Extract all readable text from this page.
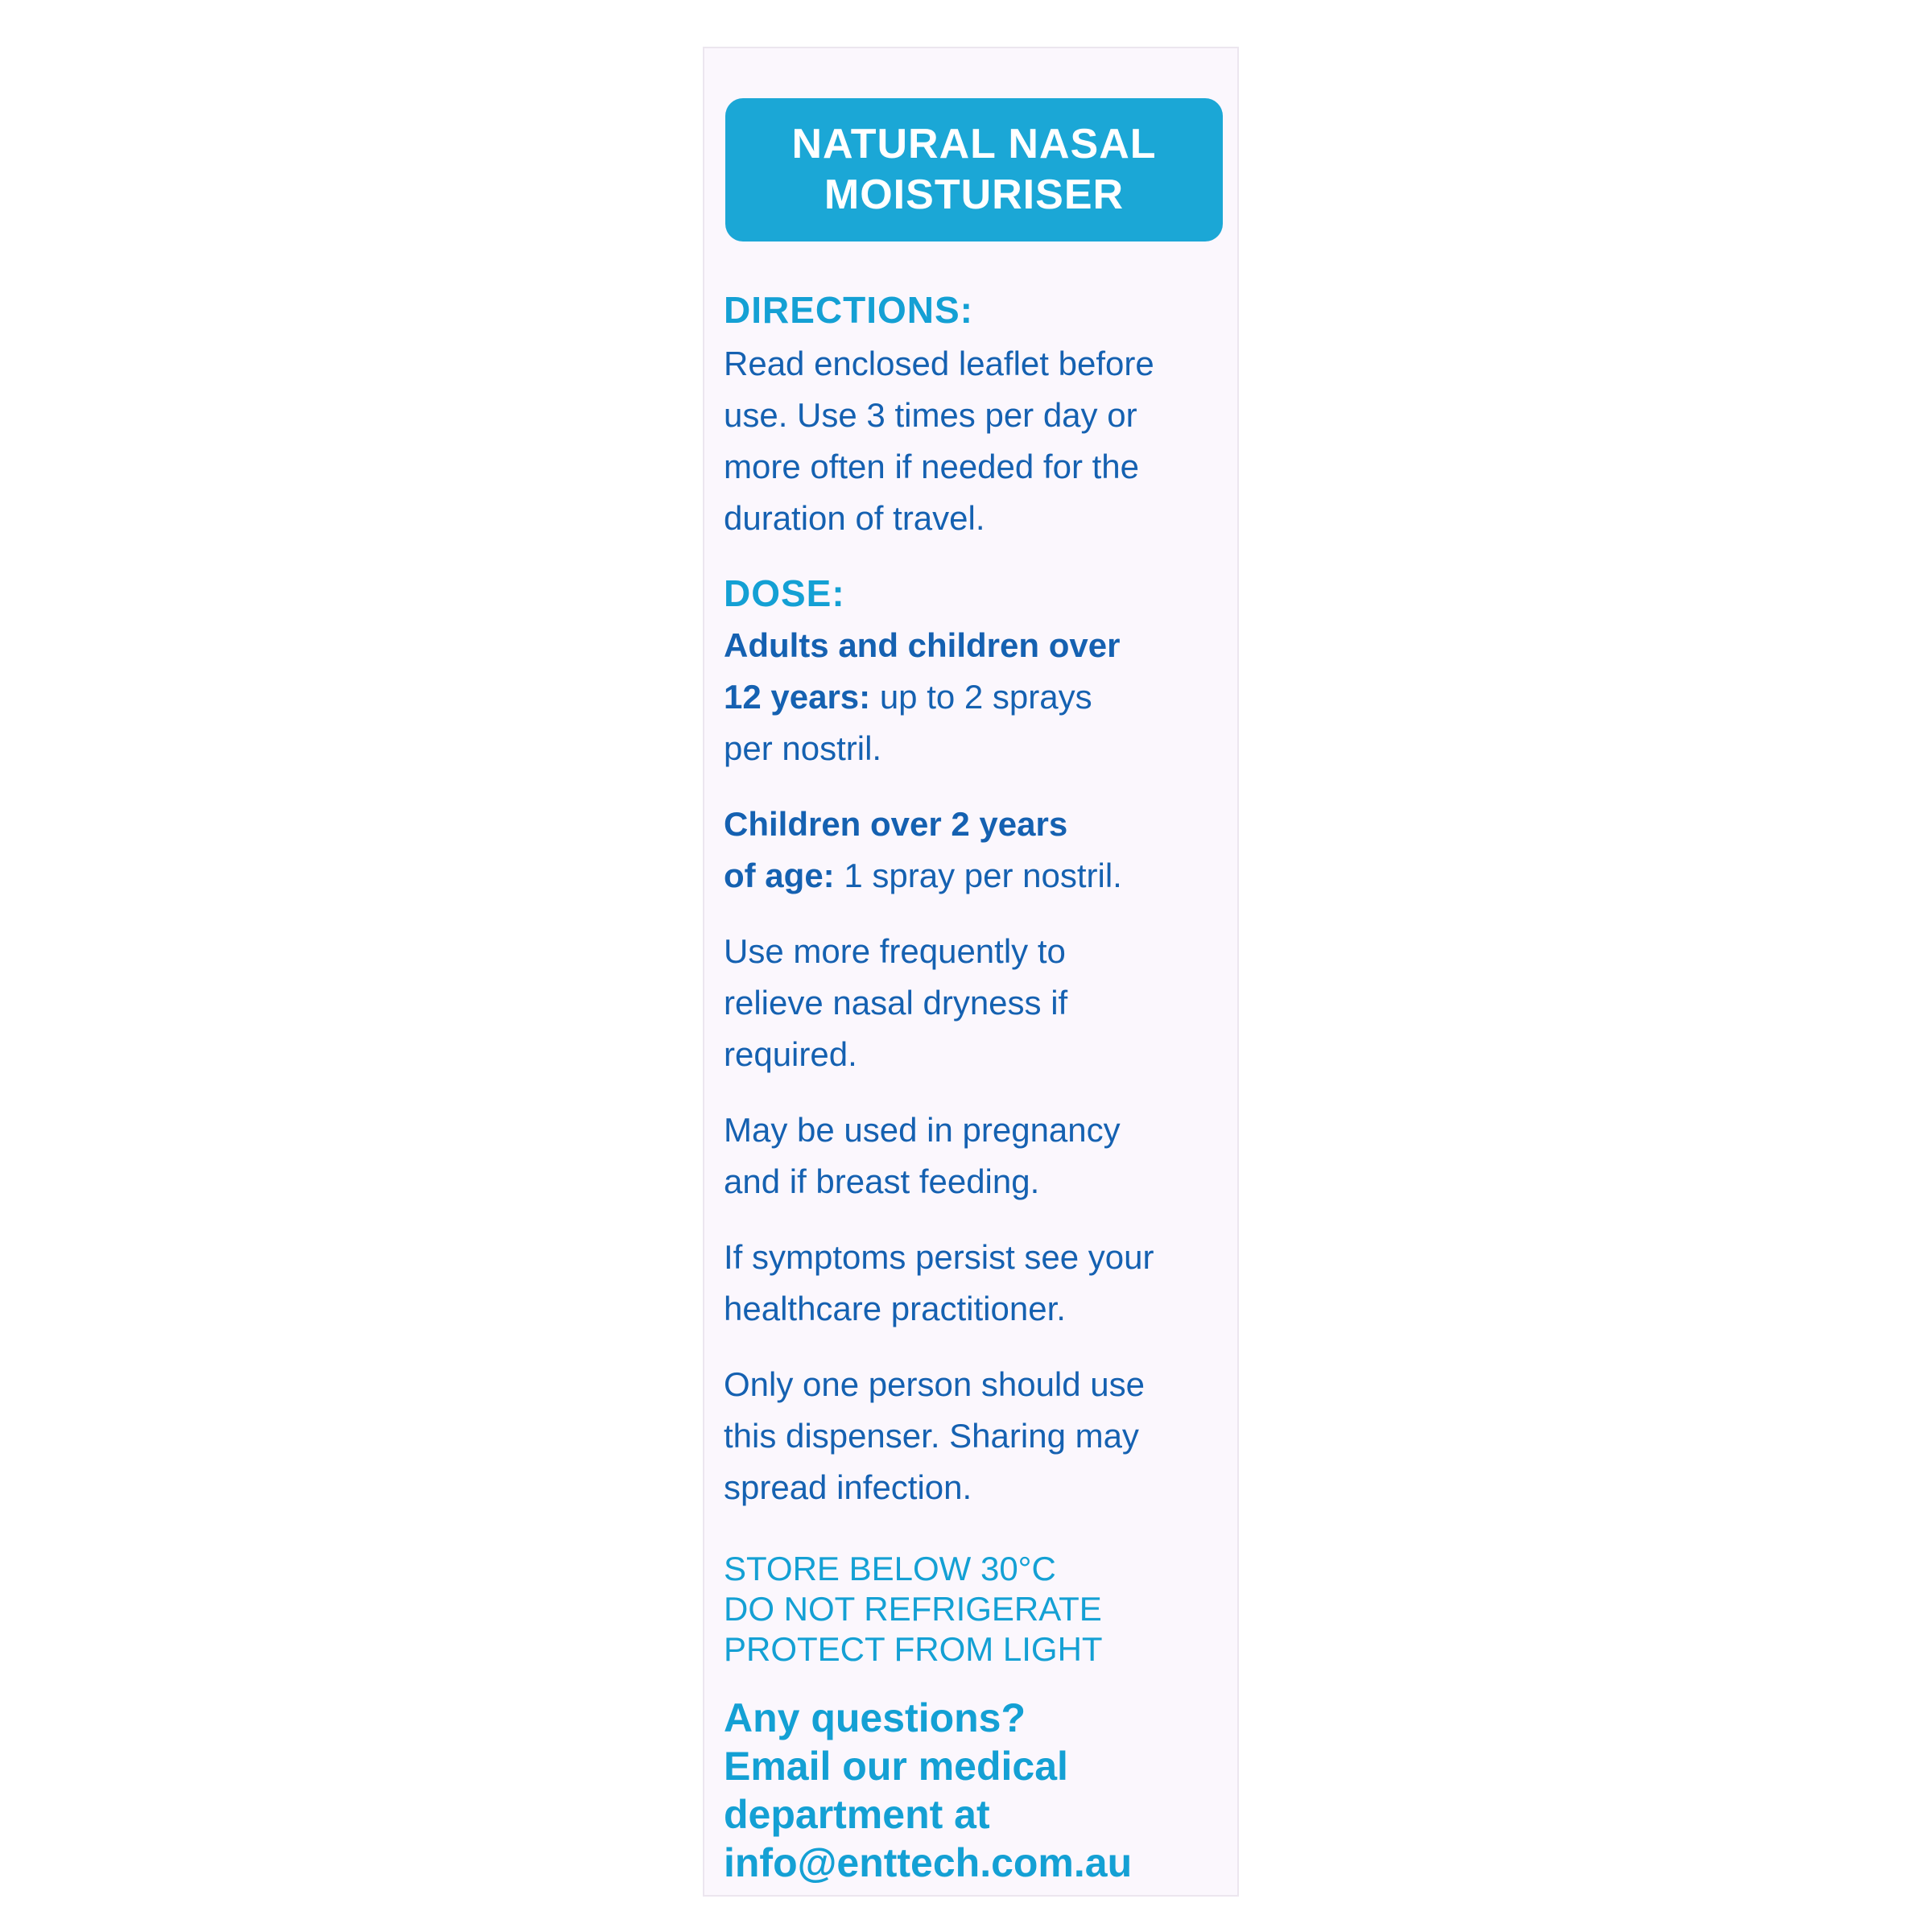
NATURAL NASAL
MOISTURISER
DIRECTIONS:
Read enclosed leaflet before
use. Use 3 times per day or
more often if needed for the
duration of travel.
DOSE:
Adults and children over
12 years: up to 2 sprays
per nostril.
Children over 2 years
of age: 1 spray per nostril.
Use more frequently to
relieve nasal dryness if
required.
May be used in pregnancy
and if breast feeding.
If symptoms persist see your
healthcare practitioner.
Only one person should use
this dispenser. Sharing may
spread infection.
STORE BELOW 30°C
DO NOT REFRIGERATE
PROTECT FROM LIGHT
Any questions?
Email our medical
department at
info@enttech.com.au
